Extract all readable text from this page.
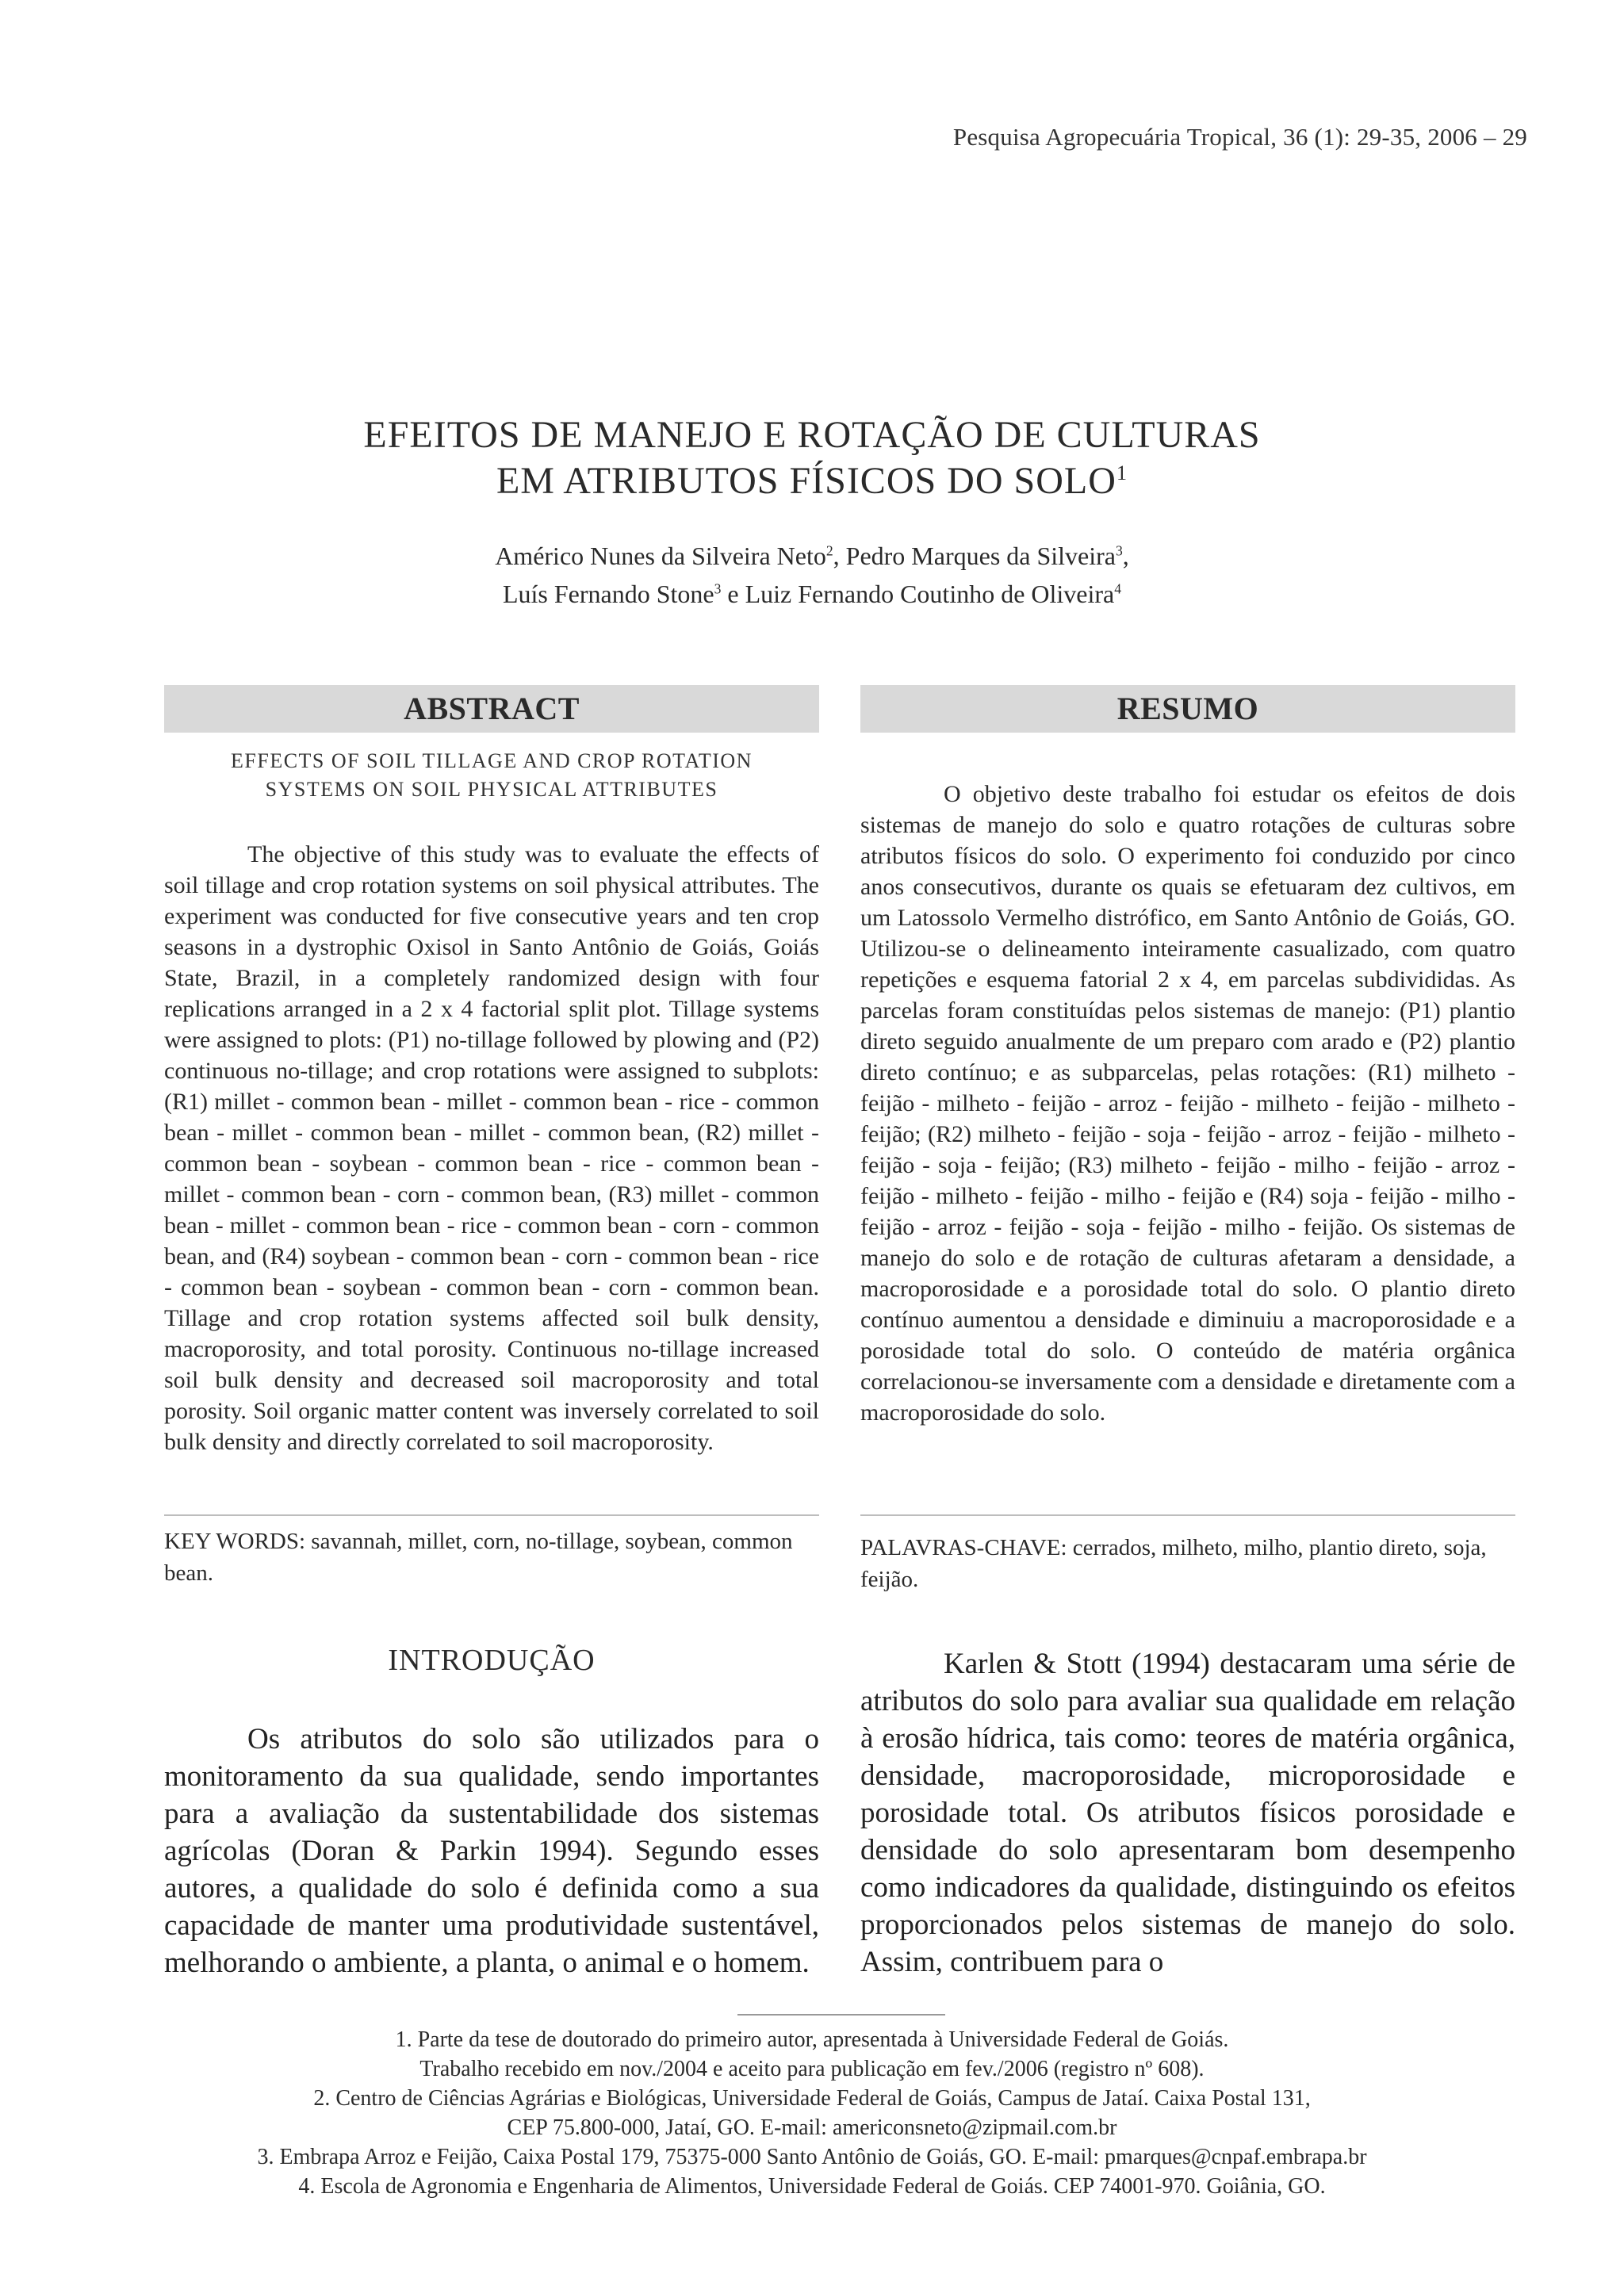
Pesquisa Agropecuária Tropical, 36 (1): 29-35, 2006 – 29
EFEITOS DE MANEJO E ROTAÇÃO DE CULTURAS
EM ATRIBUTOS FÍSICOS DO SOLO$^1$
Américo Nunes da Silveira Neto$^2$, Pedro Marques da Silveira$^3$,
Luís Fernando Stone$^3$ e Luiz Fernando Coutinho de Oliveira$^4$
ABSTRACT
EFFECTS OF SOIL TILLAGE AND CROP ROTATION
SYSTEMS ON SOIL PHYSICAL ATTRIBUTES

The objective of this study was to evaluate the effects of soil tillage and crop rotation systems on soil physical attributes. The experiment was conducted for five consecutive years and ten crop seasons in a dystrophic Oxisol in Santo Antônio de Goiás, Goiás State, Brazil, in a completely randomized design with four replications arranged in a 2 x 4 factorial split plot. Tillage systems were assigned to plots: (P1) no-tillage followed by plowing and (P2) continuous no-tillage; and crop rotations were assigned to subplots: (R1) millet - common bean - millet - common bean - rice - common bean - millet - common bean - millet - common bean, (R2) millet - common bean - soybean - common bean - rice - common bean - millet - common bean - corn - common bean, (R3) millet - common bean - millet - common bean - rice - common bean - corn - common bean, and (R4) soybean - common bean - corn - common bean - rice - common bean - soybean - common bean - corn - common bean. Tillage and crop rotation systems affected soil bulk density, macroporosity, and total porosity. Continuous no-tillage increased soil bulk density and decreased soil macroporosity and total porosity. Soil organic matter content was inversely correlated to soil bulk density and directly correlated to soil macroporosity.

KEY WORDS: savannah, millet, corn, no-tillage, soybean, common bean.

RESUMO

O objetivo deste trabalho foi estudar os efeitos de dois sistemas de manejo do solo e quatro rotações de culturas sobre atributos físicos do solo. O experimento foi conduzido por cinco anos consecutivos, durante os quais se efetuaram dez cultivos, em um Latossolo Vermelho distrófico, em Santo Antônio de Goiás, GO. Utilizou-se o delineamento inteiramente casualizado, com quatro repetições e esquema fatorial 2 x 4, em parcelas subdivididas. As parcelas foram constituídas pelos sistemas de manejo: (P1) plantio direto seguido anualmente de um preparo com arado e (P2) plantio direto contínuo; e as subparcelas, pelas rotações: (R1) milheto - feijão - milheto - feijão - arroz - feijão - milheto - feijão - milheto - feijão; (R2) milheto - feijão - soja - feijão - arroz - feijão - milheto - feijão - soja - feijão; (R3) milheto - feijão - milho - feijão - arroz - feijão - milheto - feijão - milho - feijão e (R4) soja - feijão - milho - feijão - arroz - feijão - soja - feijão - milho - feijão. Os sistemas de manejo do solo e de rotação de culturas afetaram a densidade, a macroporosidade e a porosidade total do solo. O plantio direto contínuo aumentou a densidade e diminuiu a macroporosidade e a porosidade total do solo. O conteúdo de matéria orgânica correlacionou-se inversamente com a densidade e diretamente com a macroporosidade do solo.

PALAVRAS-CHAVE: cerrados, milheto, milho, plantio direto, soja, feijão.

INTRODUÇÃO

Os atributos do solo são utilizados para o monitoramento da sua qualidade, sendo importantes para a avaliação da sustentabilidade dos sistemas agrícolas (Doran & Parkin 1994). Segundo esses autores, a qualidade do solo é definida como a sua capacidade de manter uma produtividade sustentável, melhorando o ambiente, a planta, o animal e o homem.

Karlen & Stott (1994) destacaram uma série de atributos do solo para avaliar sua qualidade em relação à erosão hídrica, tais como: teores de matéria orgânica, densidade, macroporosidade, microporosidade e porosidade total. Os atributos físicos porosidade e densidade do solo apresentaram bom desempenho como indicadores da qualidade, distinguindo os efeitos proporcionados pelos sistemas de manejo do solo. Assim, contribuem para o

1. Parte da tese de doutorado do primeiro autor, apresentada à Universidade Federal de Goiás.
Trabalho recebido em nov./2004 e aceito para publicação em fev./2006 (registro nº 608).
2. Centro de Ciências Agrárias e Biológicas, Universidade Federal de Goiás, Campus de Jataí. Caixa Postal 131,
CEP 75.800-000, Jataí, GO. E-mail: americonsneto@zipmail.com.br
3. Embrapa Arroz e Feijão, Caixa Postal 179, 75375-000 Santo Antônio de Goiás, GO. E-mail: pmarques@cnpaf.embrapa.br
4. Escola de Agronomia e Engenharia de Alimentos, Universidade Federal de Goiás. CEP 74001-970. Goiânia, GO.
